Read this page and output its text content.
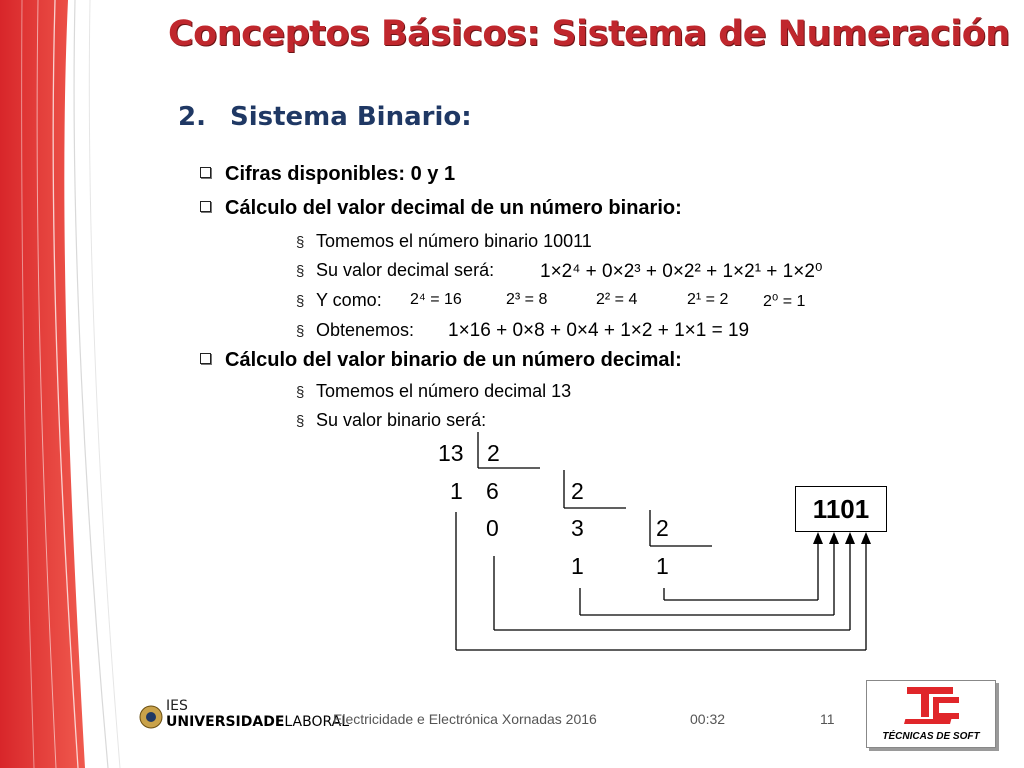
Conceptos Básicos: Sistema de Numeración
2. Sistema Binario:
Cifras disponibles: 0 y 1
Cálculo del valor decimal de un número binario:
§ Tomemos el número binario 10011
§ Su valor decimal será: 1×2⁴ + 0×2³ + 0×2² + 1×2¹ + 1×2⁰
§ Y como: 2⁴ = 16	2³ = 8	2² = 4	2¹ = 2 2⁰ = 1
§ Obtenemos: 1×16 + 0×8 + 0×4 + 1×2 + 1×1 = 19
Cálculo del valor binario de un número decimal:
§ Tomemos el número decimal 13
§ Su valor binario será:
13 2
1 6	2
0	3	2
1	1
1101
IES
UNIVERSIDADELABORAL
Electricidade e Electrónica Xornadas 2016	00:32	11
TÉCNICAS DE SOFT
